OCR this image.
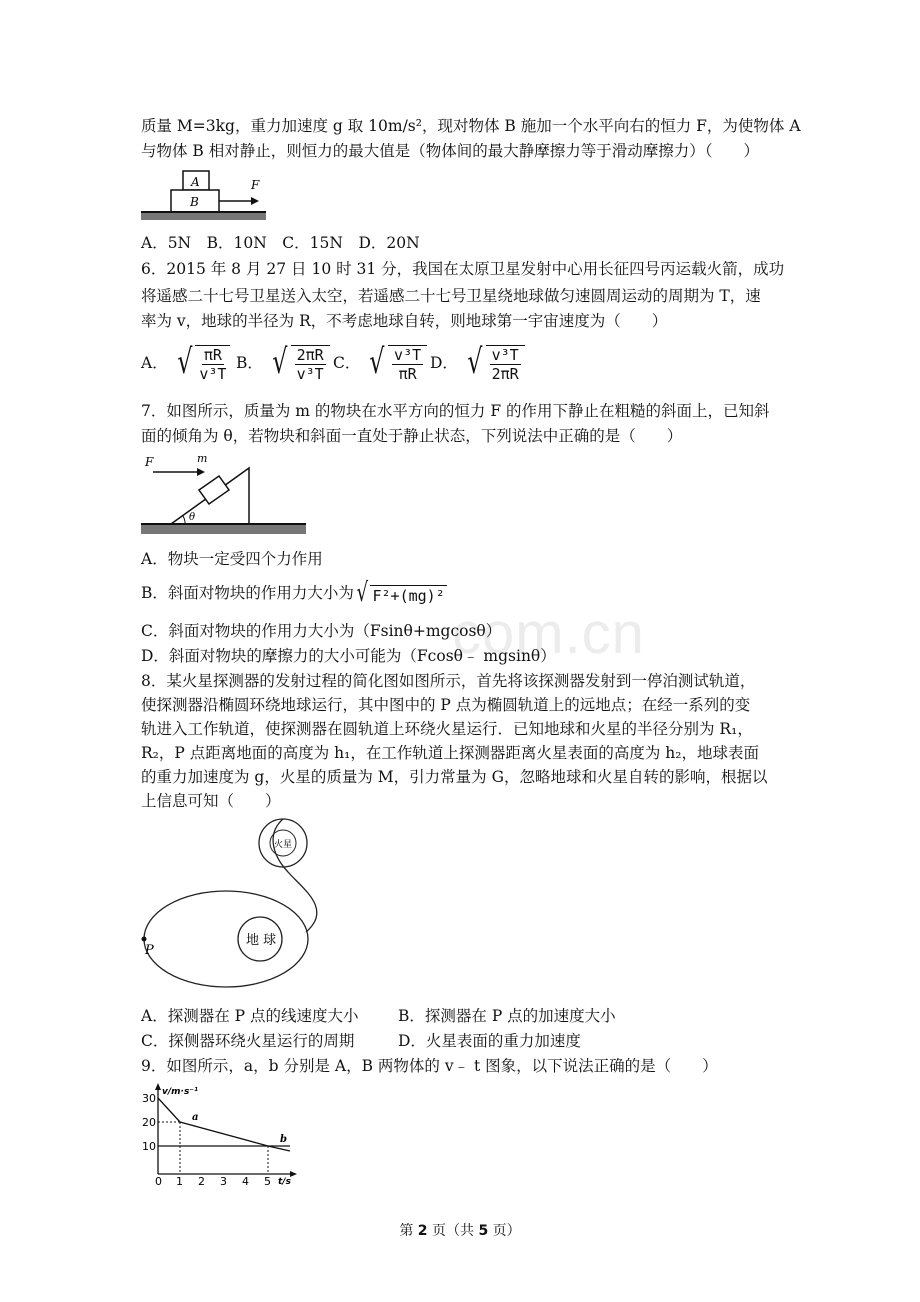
com.cn
质量 M=3kg，重力加速度 g 取 10m/s²，现对物体 B 施加一个水平向右的恒力 F，为使物体 A
与物体 B 相对静止，则恒力的最大值是（物体间的最大静摩擦力等于滑动摩擦力）（　　）
A
B
F
A．5N　B．10N　C．15N　D．20N
6．2015 年 8 月 27 日 10 时 31 分，我国在太原卫星发射中心用长征四号丙运载火箭，成功
将遥感二十七号卫星送入太空，若遥感二十七号卫星绕地球做匀速圆周运动的周期为 T，速
率为 v，地球的半径为 R，不考虑地球自转，则地球第一宇宙速度为（　　）
A． √ $\frac{\pi R}{\text{v³T}}$ B． √ $\frac{2\pi R}{\text{v³T}}$ C． √ $\frac{\text{v³T}}{\pi R}$ D． √ $\frac{\text{v³T}}{2\pi R}$
7．如图所示，质量为 m 的物块在水平方向的恒力 F 的作用下静止在粗糙的斜面上，已知斜
面的倾角为 θ，若物块和斜面一直处于静止状态，下列说法中正确的是（　　）
F	m
θ
A．物块一定受四个力作用
B．斜面对物块的作用力大小为 √ F²+(mg)²
C．斜面对物块的作用力大小为（Fsinθ+mgcosθ）
D．斜面对物块的摩擦力的大小可能为（Fcosθ﹣ mgsinθ）
8．某火星探测器的发射过程的简化图如图所示，首先将该探测器发射到一停泊测试轨道，
使探测器沿椭圆环绕地球运行，其中图中的 P 点为椭圆轨道上的远地点；在经一系列的变
轨进入工作轨道，使探测器在圆轨道上环绕火星运行．已知地球和火星的半径分别为 R₁，
R₂，P 点距离地面的高度为 h₁，在工作轨道上探测器距离火星表面的高度为 h₂，地球表面
的重力加速度为 g，火星的质量为 M，引力常量为 G，忽略地球和火星自转的影响，根据以
上信息可知（　　）
火星
地 球
P
A．探测器在 P 点的线速度大小	B．探测器在 P 点的加速度大小
C．探侧器环绕火星运行的周期	D．火星表面的重力加速度
9．如图所示，a，b 分别是 A，B 两物体的 v﹣ t 图象，以下说法正确的是（　　）
v/m·s⁻¹
t/s
30
20
10
0 1 2 3 4 5
a
b
第 2 页（共 5 页）
